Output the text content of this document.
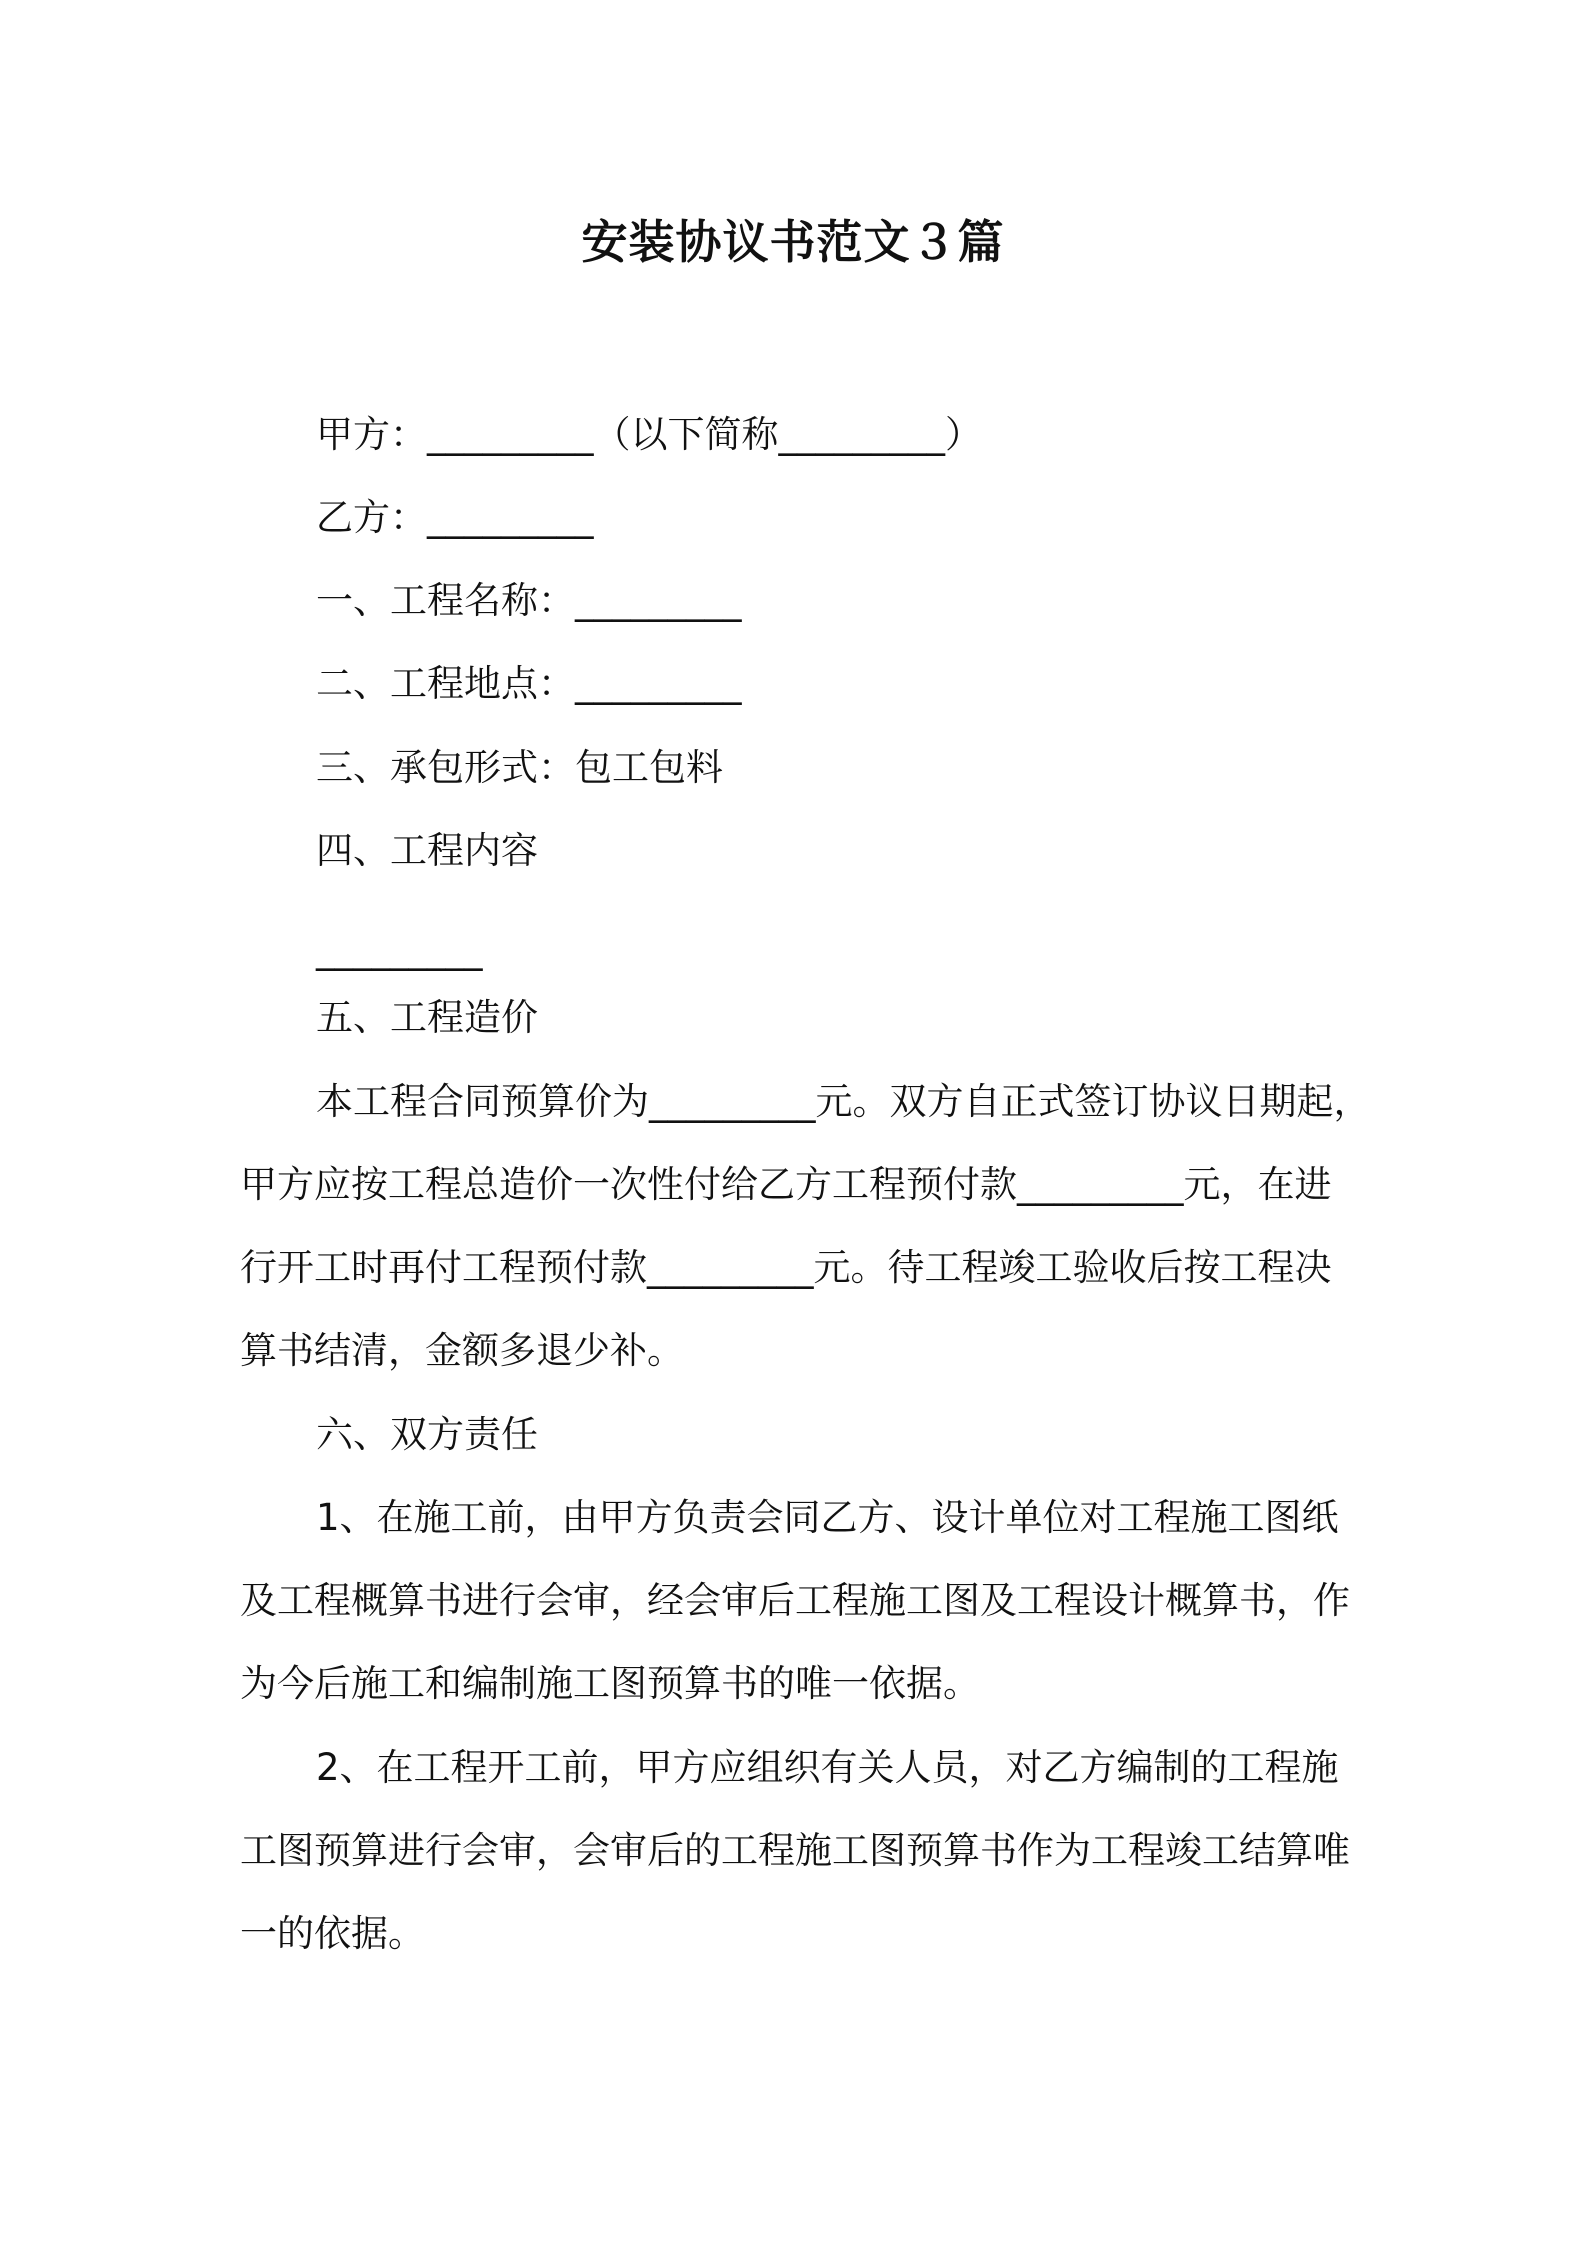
安装协议书范文３篇
甲方：_________（以下简称_________）
乙方：_________
一、工程名称：_________
二、工程地点：_________
三、承包形式：包工包料
四、工程内容
_________
五、工程造价
本工程合同预算价为_________元。双方自正式签订协议日期起，
甲方应按工程总造价一次性付给乙方工程预付款_________元，在进
行开工时再付工程预付款_________元。待工程竣工验收后按工程决
算书结清，金额多退少补。
六、双方责任
1、在施工前，由甲方负责会同乙方、设计单位对工程施工图纸
及工程概算书进行会审，经会审后工程施工图及工程设计概算书，作
为今后施工和编制施工图预算书的唯一依据。
2、在工程开工前，甲方应组织有关人员，对乙方编制的工程施
工图预算进行会审，会审后的工程施工图预算书作为工程竣工结算唯
一的依据。
